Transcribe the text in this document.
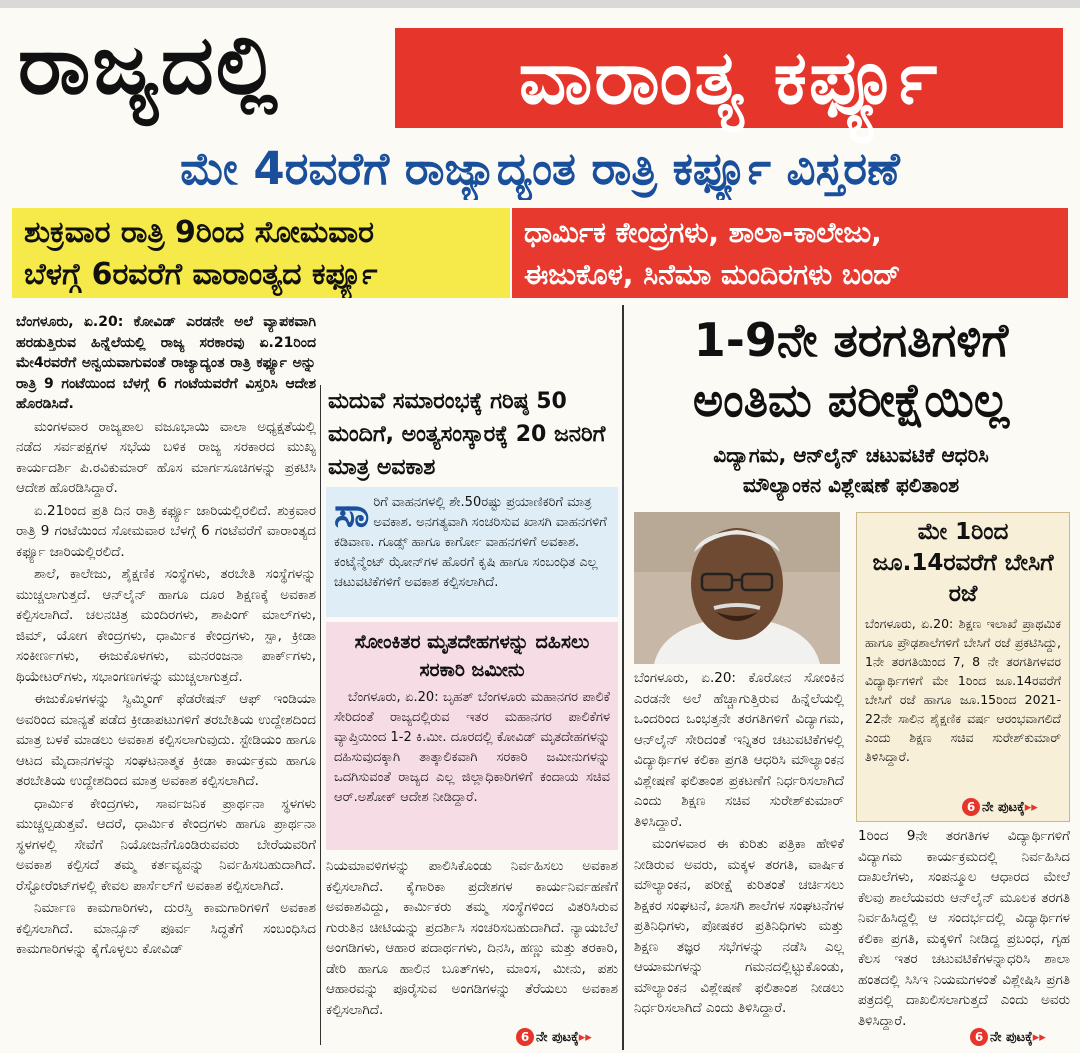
ರಾಜ್ಯದಲ್ಲಿ	ವಾರಾಂತ್ಯ ಕರ್ಫ್ಯೂ
ಮೇ 4ರವರೆಗೆ ರಾಜ್ಯಾದ್ಯಂತ ರಾತ್ರಿ ಕರ್ಫ್ಯೂ ವಿಸ್ತರಣೆ
ಶುಕ್ರವಾರ ರಾತ್ರಿ 9ರಿಂದ ಸೋಮವಾರ
ಬೆಳಗ್ಗೆ 6ರವರೆಗೆ ವಾರಾಂತ್ಯದ ಕರ್ಫ್ಯೂ
ಧಾರ್ಮಿಕ ಕೇಂದ್ರಗಳು, ಶಾಲಾ-ಕಾಲೇಜು,
ಈಜುಕೊಳ, ಸಿನೆಮಾ ಮಂದಿರಗಳು ಬಂದ್

ಬೆಂಗಳೂರು, ಏ.20: ಕೋವಿಡ್ ಎರಡನೇ ಅಲೆ ವ್ಯಾಪಕವಾಗಿ ಹರಡುತ್ತಿರುವ ಹಿನ್ನೆಲೆಯಲ್ಲಿ ರಾಜ್ಯ ಸರಕಾರವು ಏ.21ರಿಂದ ಮೇ4ರವರೆಗೆ ಅನ್ವಯವಾಗುವಂತೆ ರಾಜ್ಯಾದ್ಯಂತ ರಾತ್ರಿ ಕರ್ಫ್ಯೂ ಅನ್ನು ರಾತ್ರಿ 9 ಗಂಟೆಯಿಂದ ಬೆಳಗ್ಗೆ 6 ಗಂಟೆಯವರೆಗೆ ವಿಸ್ತರಿಸಿ ಆದೇಶ ಹೊರಡಿಸಿದೆ.

ಮಂಗಳವಾರ ರಾಜ್ಯಪಾಲ ವಜೂಭಾಯಿ ವಾಲಾ ಅಧ್ಯಕ್ಷತೆಯಲ್ಲಿ ನಡೆದ ಸರ್ವಪಕ್ಷಗಳ ಸಭೆಯ ಬಳಿಕ ರಾಜ್ಯ ಸರಕಾರದ ಮುಖ್ಯ ಕಾರ್ಯದರ್ಶಿ ಪಿ.ರವಿಕುಮಾರ್ ಹೊಸ ಮಾರ್ಗಸೂಚಿಗಳನ್ನು ಪ್ರಕಟಿಸಿ ಆದೇಶ ಹೊರಡಿಸಿದ್ದಾರೆ.

ಏ.21ರಿಂದ ಪ್ರತಿ ದಿನ ರಾತ್ರಿ ಕರ್ಫ್ಯೂ ಜಾರಿಯಲ್ಲಿರಲಿದೆ. ಶುಕ್ರವಾರ ರಾತ್ರಿ 9 ಗಂಟೆಯಿಂದ ಸೋಮವಾರ ಬೆಳಗ್ಗೆ 6 ಗಂಟೆವರೆಗೆ ವಾರಾಂತ್ಯದ ಕರ್ಫ್ಯೂ ಜಾರಿಯಲ್ಲಿರಲಿದೆ.

ಶಾಲೆ, ಕಾಲೇಜು, ಶೈಕ್ಷಣಿಕ ಸಂಸ್ಥೆಗಳು, ತರಬೇತಿ ಸಂಸ್ಥೆಗಳನ್ನು ಮುಚ್ಚಲಾಗುತ್ತದೆ. ಆನ್‌ಲೈನ್ ಹಾಗೂ ದೂರ ಶಿಕ್ಷಣಕ್ಕೆ ಅವಕಾಶ ಕಲ್ಪಿಸಲಾಗಿದೆ. ಚಲನಚಿತ್ರ ಮಂದಿರಗಳು, ಶಾಪಿಂಗ್ ಮಾಲ್‌ಗಳು, ಜಿಮ್, ಯೋಗ ಕೇಂದ್ರಗಳು, ಧಾರ್ಮಿಕ ಕೇಂದ್ರಗಳು, ಸ್ಪಾ, ಕ್ರೀಡಾ ಸಂಕೀರ್ಣಗಳು, ಈಜುಕೊಳಗಳು, ಮನರಂಜನಾ ಪಾರ್ಕ್‌ಗಳು, ಥಿಯೇಟರ್‌ಗಳು, ಸಭಾಂಗಣಗಳನ್ನು ಮುಚ್ಚಲಾಗುತ್ತದೆ.

ಈಜುಕೊಳಗಳನ್ನು ಸ್ವಿಮ್ಮಿಂಗ್ ಫೆಡರೇಷನ್ ಆಫ್ ಇಂಡಿಯಾ ಅವರಿಂದ ಮಾನ್ಯತೆ ಪಡೆದ ಕ್ರೀಡಾಪಟುಗಳಿಗೆ ತರಬೇತಿಯ ಉದ್ದೇಶದಿಂದ ಮಾತ್ರ ಬಳಕೆ ಮಾಡಲು ಅವಕಾಶ ಕಲ್ಪಿಸಲಾಗುವುದು. ಸ್ಟೇಡಿಯಂ ಹಾಗೂ ಆಟದ ಮೈದಾನಗಳನ್ನು ಸಂಘಟನಾತ್ಮಕ ಕ್ರೀಡಾ ಕಾರ್ಯಕ್ರಮ ಹಾಗೂ ತರಬೇತಿಯ ಉದ್ದೇಶದಿಂದ ಮಾತ್ರ ಅವಕಾಶ ಕಲ್ಪಿಸಲಾಗಿದೆ.

ಧಾರ್ಮಿಕ ಕೇಂದ್ರಗಳು, ಸಾರ್ವಜನಿಕ ಪ್ರಾರ್ಥನಾ ಸ್ಥಳಗಳು ಮುಚ್ಚಲ್ಪಡುತ್ತವೆ. ಆದರೆ, ಧಾರ್ಮಿಕ ಕೇಂದ್ರಗಳು ಹಾಗೂ ಪ್ರಾರ್ಥನಾ ಸ್ಥಳಗಳಲ್ಲಿ ಸೇವೆಗೆ ನಿಯೋಜನೆಗೊಂಡಿರುವವರು ಬೇರೆಯವರಿಗೆ ಅವಕಾಶ ಕಲ್ಪಿಸದೆ ತಮ್ಮ ಕರ್ತವ್ಯವನ್ನು ನಿರ್ವಹಿಸಬಹುದಾಗಿದೆ. ರೆಸ್ಟೋರೆಂಟ್‌ಗಳಲ್ಲಿ ಕೇವಲ ಪಾರ್ಸೆಲ್‌ಗೆ ಅವಕಾಶ ಕಲ್ಪಿಸಲಾಗಿದೆ.

ನಿರ್ಮಾಣ ಕಾಮಗಾರಿಗಳು, ದುರಸ್ತಿ ಕಾಮಗಾರಿಗಳಿಗೆ ಅವಕಾಶ ಕಲ್ಪಿಸಲಾಗಿದೆ. ಮಾನ್ಸೂನ್ ಪೂರ್ವ ಸಿದ್ಧತೆಗೆ ಸಂಬಂಧಿಸಿದ ಕಾಮಗಾರಿಗಳನ್ನು ಕೈಗೊಳ್ಳಲು ಕೋವಿಡ್

ಮದುವೆ ಸಮಾರಂಭಕ್ಕೆ ಗರಿಷ್ಠ 50 ಮಂದಿಗೆ, ಅಂತ್ಯಸಂಸ್ಕಾರಕ್ಕೆ 20 ಜನರಿಗೆ ಮಾತ್ರ ಅವಕಾಶ
ಸಾ ರಿಗೆ ವಾಹನಗಳಲ್ಲಿ ಶೇ.50ರಷ್ಟು ಪ್ರಯಾಣಿಕರಿಗೆ ಮಾತ್ರ ಅವಕಾಶ. ಅನಗತ್ಯವಾಗಿ ಸಂಚರಿಸುವ ಖಾಸಗಿ ವಾಹನಗಳಿಗೆ ಕಡಿವಾಣ. ಗೂಡ್ಸ್ ಹಾಗೂ ಕಾರ್ಗೋ ವಾಹನಗಳಿಗೆ ಅವಕಾಶ. ಕಂಟೈನ್ಮೆಂಟ್ ಝೋನ್‌ಗಳ ಹೊರಗೆ ಕೃಷಿ ಹಾಗೂ ಸಂಬಂಧಿತ ಎಲ್ಲ ಚಟುವಟಿಕೆಗಳಿಗೆ ಅವಕಾಶ ಕಲ್ಪಿಸಲಾಗಿದೆ.
ಸೋಂಕಿತರ ಮೃತದೇಹಗಳನ್ನು ದಹಿಸಲು ಸರಕಾರಿ ಜಮೀನು
ಬೆಂಗಳೂರು, ಏ.20: ಬೃಹತ್ ಬೆಂಗಳೂರು ಮಹಾನಗರ ಪಾಲಿಕೆ ಸೇರಿದಂತೆ ರಾಜ್ಯದಲ್ಲಿರುವ ಇತರ ಮಹಾನಗರ ಪಾಲಿಕೆಗಳ ವ್ಯಾಪ್ತಿಯಿಂದ 1-2 ಕಿ.ಮೀ. ದೂರದಲ್ಲಿ ಕೋವಿಡ್ ಮೃತದೇಹಗಳನ್ನು ದಹಿಸುವುದಕ್ಕಾಗಿ ತಾತ್ಕಾಲಿಕವಾಗಿ ಸರಕಾರಿ ಜಮೀನುಗಳನ್ನು ಒದಗಿಸುವಂತೆ ರಾಜ್ಯದ ಎಲ್ಲ ಜಿಲ್ಲಾಧಿಕಾರಿಗಳಿಗೆ ಕಂದಾಯ ಸಚಿವ ಆರ್.ಅಶೋಕ್ ಆದೇಶ ನೀಡಿದ್ದಾರೆ.

ನಿಯಮಾವಳಿಗಳನ್ನು ಪಾಲಿಸಿಕೊಂಡು ನಿರ್ವಹಿಸಲು ಅವಕಾಶ ಕಲ್ಪಿಸಲಾಗಿದೆ. ಕೈಗಾರಿಕಾ ಪ್ರದೇಶಗಳ ಕಾರ್ಯನಿರ್ವಹಣೆಗೆ ಅವಕಾಶವಿದ್ದು, ಕಾರ್ಮಿಕರು ತಮ್ಮ ಸಂಸ್ಥೆಗಳಿಂದ ವಿತರಿಸಿರುವ ಗುರುತಿನ ಚೀಟಿಯನ್ನು ಪ್ರದರ್ಶಿಸಿ ಸಂಚರಿಸಬಹುದಾಗಿದೆ. ನ್ಯಾಯಬೆಲೆ ಅಂಗಡಿಗಳು, ಆಹಾರ ಪದಾರ್ಥಗಳು, ದಿನಸಿ, ಹಣ್ಣು ಮತ್ತು ತರಕಾರಿ, ಡೇರಿ ಹಾಗೂ ಹಾಲಿನ ಬೂತ್‌ಗಳು, ಮಾಂಸ, ಮೀನು, ಪಶು ಆಹಾರವನ್ನು ಪೂರೈಸುವ ಅಂಗಡಿಗಳನ್ನು ತೆರೆಯಲು ಅವಕಾಶ ಕಲ್ಪಿಸಲಾಗಿದೆ.

6 ನೇ ಪುಟಕ್ಕೆ▸▸
1-9ನೇ ತರಗತಿಗಳಿಗೆ
ಅಂತಿಮ ಪರೀಕ್ಷೆಯಿಲ್ಲ
ವಿದ್ಯಾಗಮ, ಆನ್‌ಲೈನ್ ಚಟುವಟಿಕೆ ಆಧರಿಸಿ
ಮೌಲ್ಯಾಂಕನ ವಿಶ್ಲೇಷಣೆ ಫಲಿತಾಂಶ

ಬೆಂಗಳೂರು, ಏ.20: ಕೊರೋನ ಸೋಂಕಿನ ಎರಡನೇ ಅಲೆ ಹೆಚ್ಚಾಗುತ್ತಿರುವ ಹಿನ್ನೆಲೆಯಲ್ಲಿ ಒಂದರಿಂದ ಒಂಭತ್ತನೇ ತರಗತಿಗಳಿಗೆ ವಿದ್ಯಾಗಮ, ಆನ್‌ಲೈನ್ ಸೇರಿದಂತೆ ಇನ್ನಿತರ ಚಟುವಟಿಕೆಗಳಲ್ಲಿ ವಿದ್ಯಾರ್ಥಿಗಳ ಕಲಿಕಾ ಪ್ರಗತಿ ಆಧರಿಸಿ ಮೌಲ್ಯಾಂಕನ ವಿಶ್ಲೇಷಣೆ ಫಲಿತಾಂಶ ಪ್ರಕಟಣೆಗೆ ನಿರ್ಧರಿಸಲಾಗಿದೆ ಎಂದು ಶಿಕ್ಷಣ ಸಚಿವ ಸುರೇಶ್‌ಕುಮಾರ್ ತಿಳಿಸಿದ್ದಾರೆ.

ಮಂಗಳವಾರ ಈ ಕುರಿತು ಪತ್ರಿಕಾ ಹೇಳಿಕೆ ನೀಡಿರುವ ಅವರು, ಮಕ್ಕಳ ತರಗತಿ, ವಾರ್ಷಿಕ ಮೌಲ್ಯಾಂಕನ, ಪರೀಕ್ಷೆ ಕುರಿತಂತೆ ಚರ್ಚಿಸಲು ಶಿಕ್ಷಕರ ಸಂಘಟನೆ, ಖಾಸಗಿ ಶಾಲೆಗಳ ಸಂಘಟನೆಗಳ ಪ್ರತಿನಿಧಿಗಳು, ಪೋಷಕರ ಪ್ರತಿನಿಧಿಗಳು ಮತ್ತು ಶಿಕ್ಷಣ ತಜ್ಞರ ಸಭೆಗಳನ್ನು ನಡೆಸಿ ಎಲ್ಲ ಆಯಾಮಗಳನ್ನು ಗಮನದಲ್ಲಿಟ್ಟುಕೊಂಡು, ಮೌಲ್ಯಾಂಕನ ವಿಶ್ಲೇಷಣೆ ಫಲಿತಾಂಶ ನೀಡಲು ನಿರ್ಧರಿಸಲಾಗಿದೆ ಎಂದು ತಿಳಿಸಿದ್ದಾರೆ.

ಮೇ 1ರಿಂದ ಜೂ.14ರವರೆಗೆ ಬೇಸಿಗೆ ರಜೆ
ಬೆಂಗಳೂರು, ಏ.20: ಶಿಕ್ಷಣ ಇಲಾಖೆ ಪ್ರಾಥಮಿಕ ಹಾಗೂ ಪ್ರೌಢಶಾಲೆಗಳಿಗೆ ಬೇಸಿಗೆ ರಜೆ ಪ್ರಕಟಿಸಿದ್ದು, 1ನೇ ತರಗತಿಯಿಂದ 7, 8 ನೇ ತರಗತಿಗಳವರ ವಿದ್ಯಾರ್ಥಿಗಳಿಗೆ ಮೇ 1ರಿಂದ ಜೂ.14ರವರೆಗೆ ಬೇಸಿಗೆ ರಜೆ ಹಾಗೂ ಜೂ.15ರಿಂದ 2021-22ನೇ ಸಾಲಿನ ಶೈಕ್ಷಣಿಕ ವರ್ಷ ಆರಂಭವಾಗಲಿದೆ ಎಂದು ಶಿಕ್ಷಣ ಸಚಿವ ಸುರೇಶ್‌ಕುಮಾರ್ ತಿಳಿಸಿದ್ದಾರೆ.
6 ನೇ ಪುಟಕ್ಕೆ▸▸

1ರಿಂದ 9ನೇ ತರಗತಿಗಳ ವಿದ್ಯಾರ್ಥಿಗಳಿಗೆ ವಿದ್ಯಾಗಮ ಕಾರ್ಯಕ್ರಮದಲ್ಲಿ ನಿರ್ವಹಿಸಿದ ದಾಖಲೆಗಳು, ಸಂಪನ್ಮೂಲ ಆಧಾರದ ಮೇಲೆ ಕೆಲವು ಶಾಲೆಯವರು ಆನ್‌ಲೈನ್ ಮೂಲಕ ತರಗತಿ ನಿರ್ವಹಿಸಿದ್ದಲ್ಲಿ ಆ ಸಂದರ್ಭದಲ್ಲಿ ವಿದ್ಯಾರ್ಥಿಗಳ ಕಲಿಕಾ ಪ್ರಗತಿ, ಮಕ್ಕಳಿಗೆ ನೀಡಿದ್ದ ಪ್ರಬಂಧ, ಗೃಹ ಕೆಲಸ ಇತರ ಚಟುವಟಿಕೆಗಳನ್ನಾಧರಿಸಿ ಶಾಲಾ ಹಂತದಲ್ಲಿ ಸಿಸಿಇ ನಿಯಮಗಳಂತೆ ವಿಶ್ಲೇಷಿಸಿ ಪ್ರಗತಿ ಪತ್ರದಲ್ಲಿ ದಾಖಲಿಸಲಾಗುತ್ತದೆ ಎಂದು ಅವರು ತಿಳಿಸಿದ್ದಾರೆ.

6 ನೇ ಪುಟಕ್ಕೆ▸▸
